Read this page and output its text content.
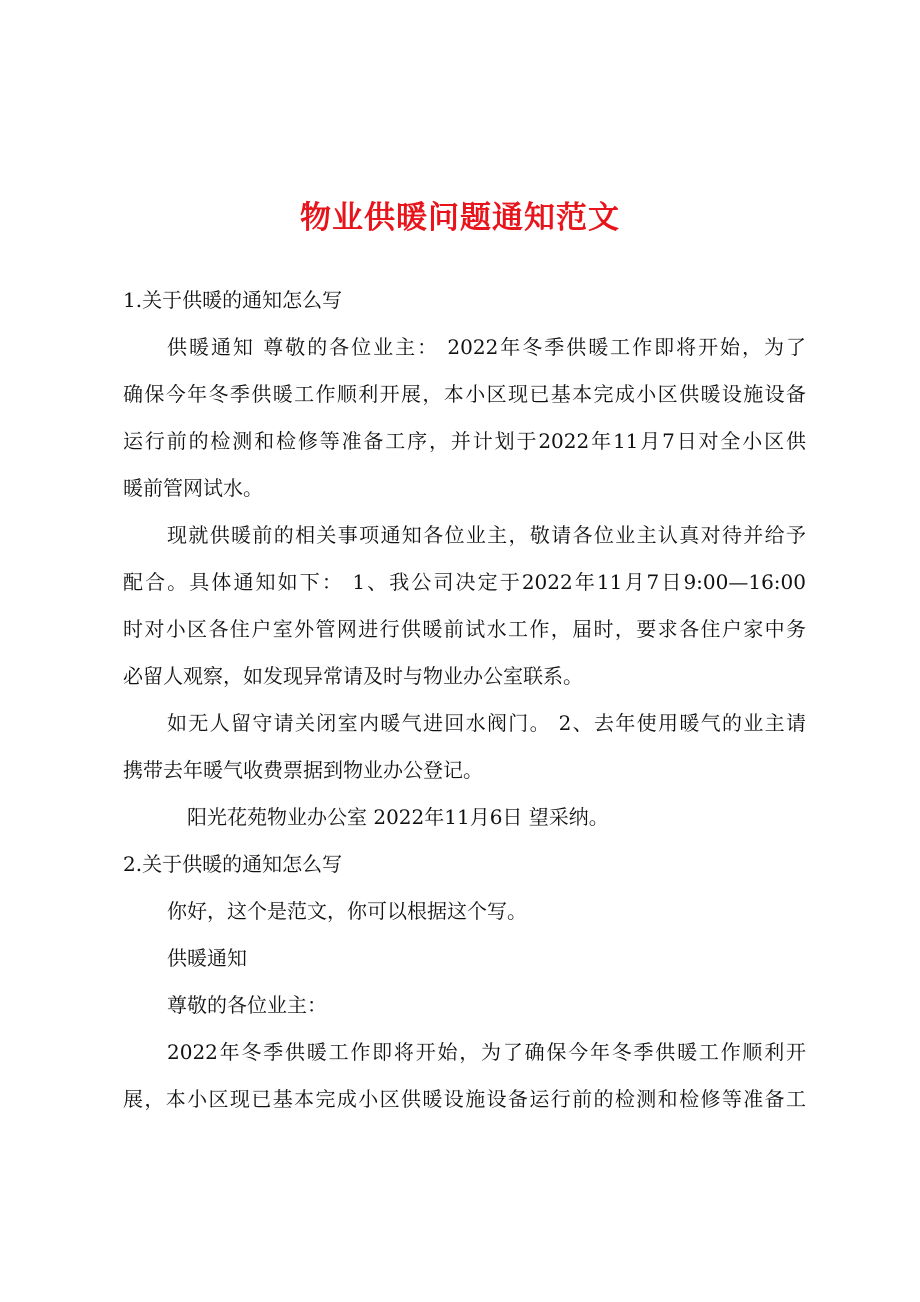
物业供暖问题通知范文
1.关于供暖的通知怎么写
供暖通知 尊敬的各位业主： 2022年冬季供暖工作即将开始，为了
确保今年冬季供暖工作顺利开展，本小区现已基本完成小区供暖设施设备
运行前的检测和检修等准备工序，并计划于2022年11月7日对全小区供
暖前管网试水。
现就供暖前的相关事项通知各位业主，敬请各位业主认真对待并给予
配合。具体通知如下： 1、我公司决定于2022年11月7日9:00—16:00
时对小区各住户室外管网进行供暖前试水工作，届时，要求各住户家中务
必留人观察，如发现异常请及时与物业办公室联系。
如无人留守请关闭室内暖气进回水阀门。 2、去年使用暖气的业主请
携带去年暖气收费票据到物业办公登记。
阳光花苑物业办公室 2022年11月6日 望采纳。
2.关于供暖的通知怎么写
你好，这个是范文，你可以根据这个写。
供暖通知
尊敬的各位业主：
2022年冬季供暖工作即将开始，为了确保今年冬季供暖工作顺利开
展，本小区现已基本完成小区供暖设施设备运行前的检测和检修等准备工
